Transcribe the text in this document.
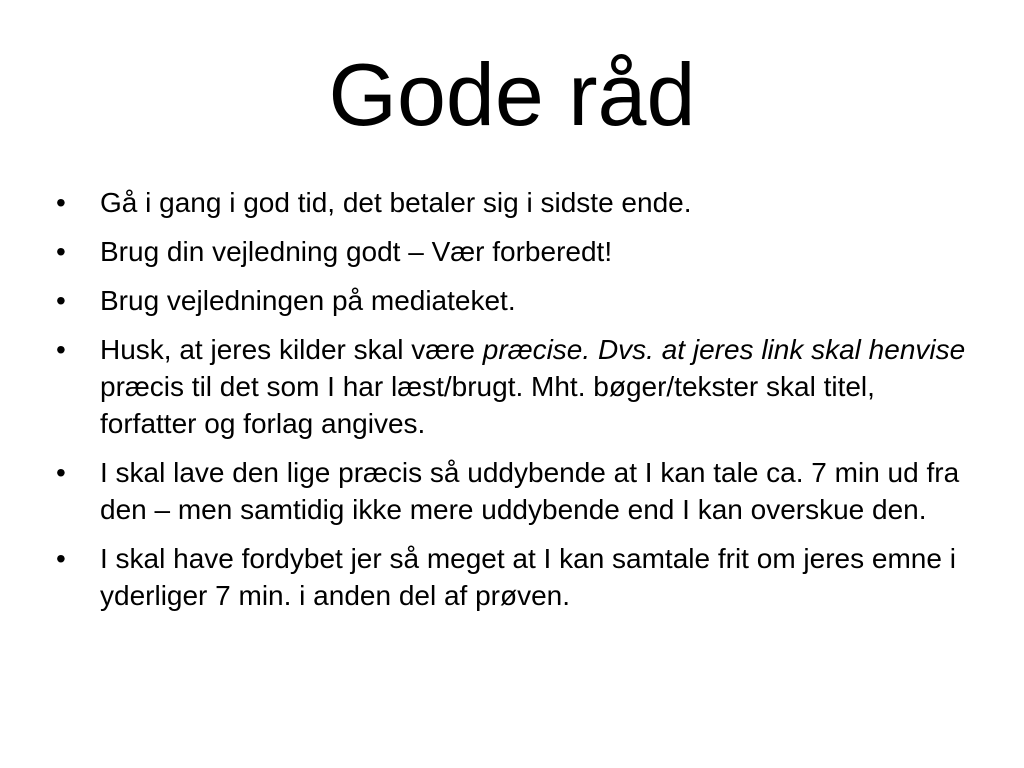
Gode råd
•	Gå i gang i god tid, det betaler sig i sidste ende.
•	Brug din vejledning godt – Vær forberedt!
•	Brug vejledningen på mediateket.
•	Husk, at jeres kilder skal være præcise. Dvs. at jeres link skal henvise præcis til det som I har læst/brugt. Mht. bøger/tekster skal titel, forfatter og forlag angives.
•	I skal lave den lige præcis så uddybende at I kan tale ca. 7 min ud fra den – men samtidig ikke mere uddybende end I kan overskue den.
•	I skal have fordybet jer så meget at I kan samtale frit om jeres emne i yderliger 7 min. i anden del af prøven.
